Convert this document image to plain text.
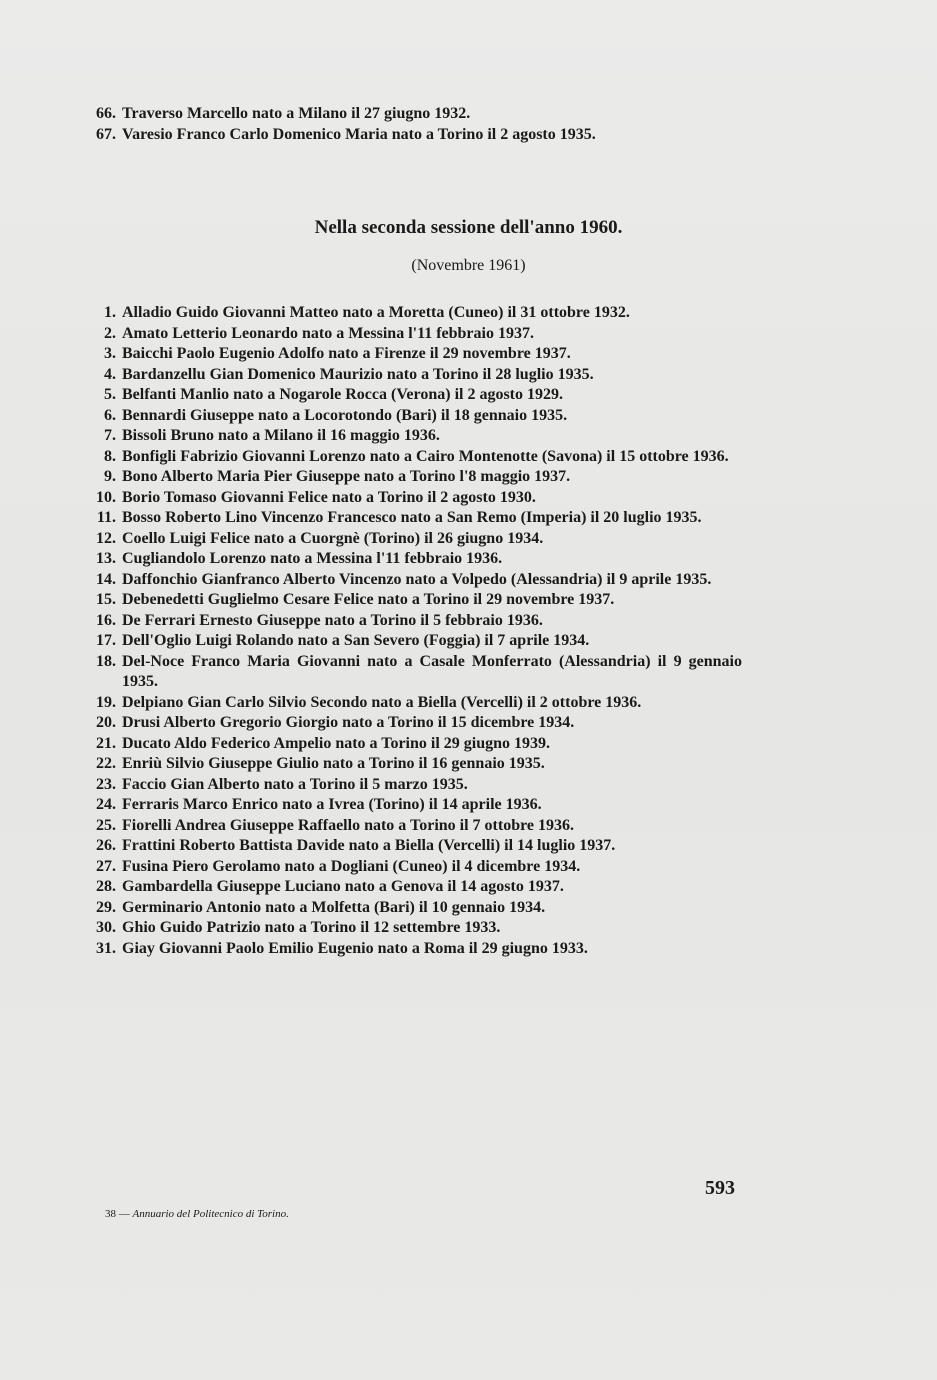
66. Traverso Marcello nato a Milano il 27 giugno 1932.
67. Varesio Franco Carlo Domenico Maria nato a Torino il 2 agosto 1935.
Nella seconda sessione dell'anno 1960.
(Novembre 1961)
1. Alladio Guido Giovanni Matteo nato a Moretta (Cuneo) il 31 ottobre 1932.
2. Amato Letterio Leonardo nato a Messina l'11 febbraio 1937.
3. Baicchi Paolo Eugenio Adolfo nato a Firenze il 29 novembre 1937.
4. Bardanzellu Gian Domenico Maurizio nato a Torino il 28 luglio 1935.
5. Belfanti Manlio nato a Nogarole Rocca (Verona) il 2 agosto 1929.
6. Bennardi Giuseppe nato a Locorotondo (Bari) il 18 gennaio 1935.
7. Bissoli Bruno nato a Milano il 16 maggio 1936.
8. Bonfigli Fabrizio Giovanni Lorenzo nato a Cairo Montenotte (Savona) il 15 ottobre 1936.
9. Bono Alberto Maria Pier Giuseppe nato a Torino l'8 maggio 1937.
10. Borio Tomaso Giovanni Felice nato a Torino il 2 agosto 1930.
11. Bosso Roberto Lino Vincenzo Francesco nato a San Remo (Imperia) il 20 luglio 1935.
12. Coello Luigi Felice nato a Cuorgnè (Torino) il 26 giugno 1934.
13. Cugliandolo Lorenzo nato a Messina l'11 febbraio 1936.
14. Daffonchio Gianfranco Alberto Vincenzo nato a Volpedo (Alessandria) il 9 aprile 1935.
15. Debenedetti Guglielmo Cesare Felice nato a Torino il 29 novembre 1937.
16. De Ferrari Ernesto Giuseppe nato a Torino il 5 febbraio 1936.
17. Dell'Oglio Luigi Rolando nato a San Severo (Foggia) il 7 aprile 1934.
18. Del-Noce Franco Maria Giovanni nato a Casale Monferrato (Alessandria) il 9 gennaio 1935.
19. Delpiano Gian Carlo Silvio Secondo nato a Biella (Vercelli) il 2 ottobre 1936.
20. Drusi Alberto Gregorio Giorgio nato a Torino il 15 dicembre 1934.
21. Ducato Aldo Federico Ampelio nato a Torino il 29 giugno 1939.
22. Enriù Silvio Giuseppe Giulio nato a Torino il 16 gennaio 1935.
23. Faccio Gian Alberto nato a Torino il 5 marzo 1935.
24. Ferraris Marco Enrico nato a Ivrea (Torino) il 14 aprile 1936.
25. Fiorelli Andrea Giuseppe Raffaello nato a Torino il 7 ottobre 1936.
26. Frattini Roberto Battista Davide nato a Biella (Vercelli) il 14 luglio 1937.
27. Fusina Piero Gerolamo nato a Dogliani (Cuneo) il 4 dicembre 1934.
28. Gambardella Giuseppe Luciano nato a Genova il 14 agosto 1937.
29. Germinario Antonio nato a Molfetta (Bari) il 10 gennaio 1934.
30. Ghio Guido Patrizio nato a Torino il 12 settembre 1933.
31. Giay Giovanni Paolo Emilio Eugenio nato a Roma il 29 giugno 1933.
593
38 — Annuario del Politecnico di Torino.
